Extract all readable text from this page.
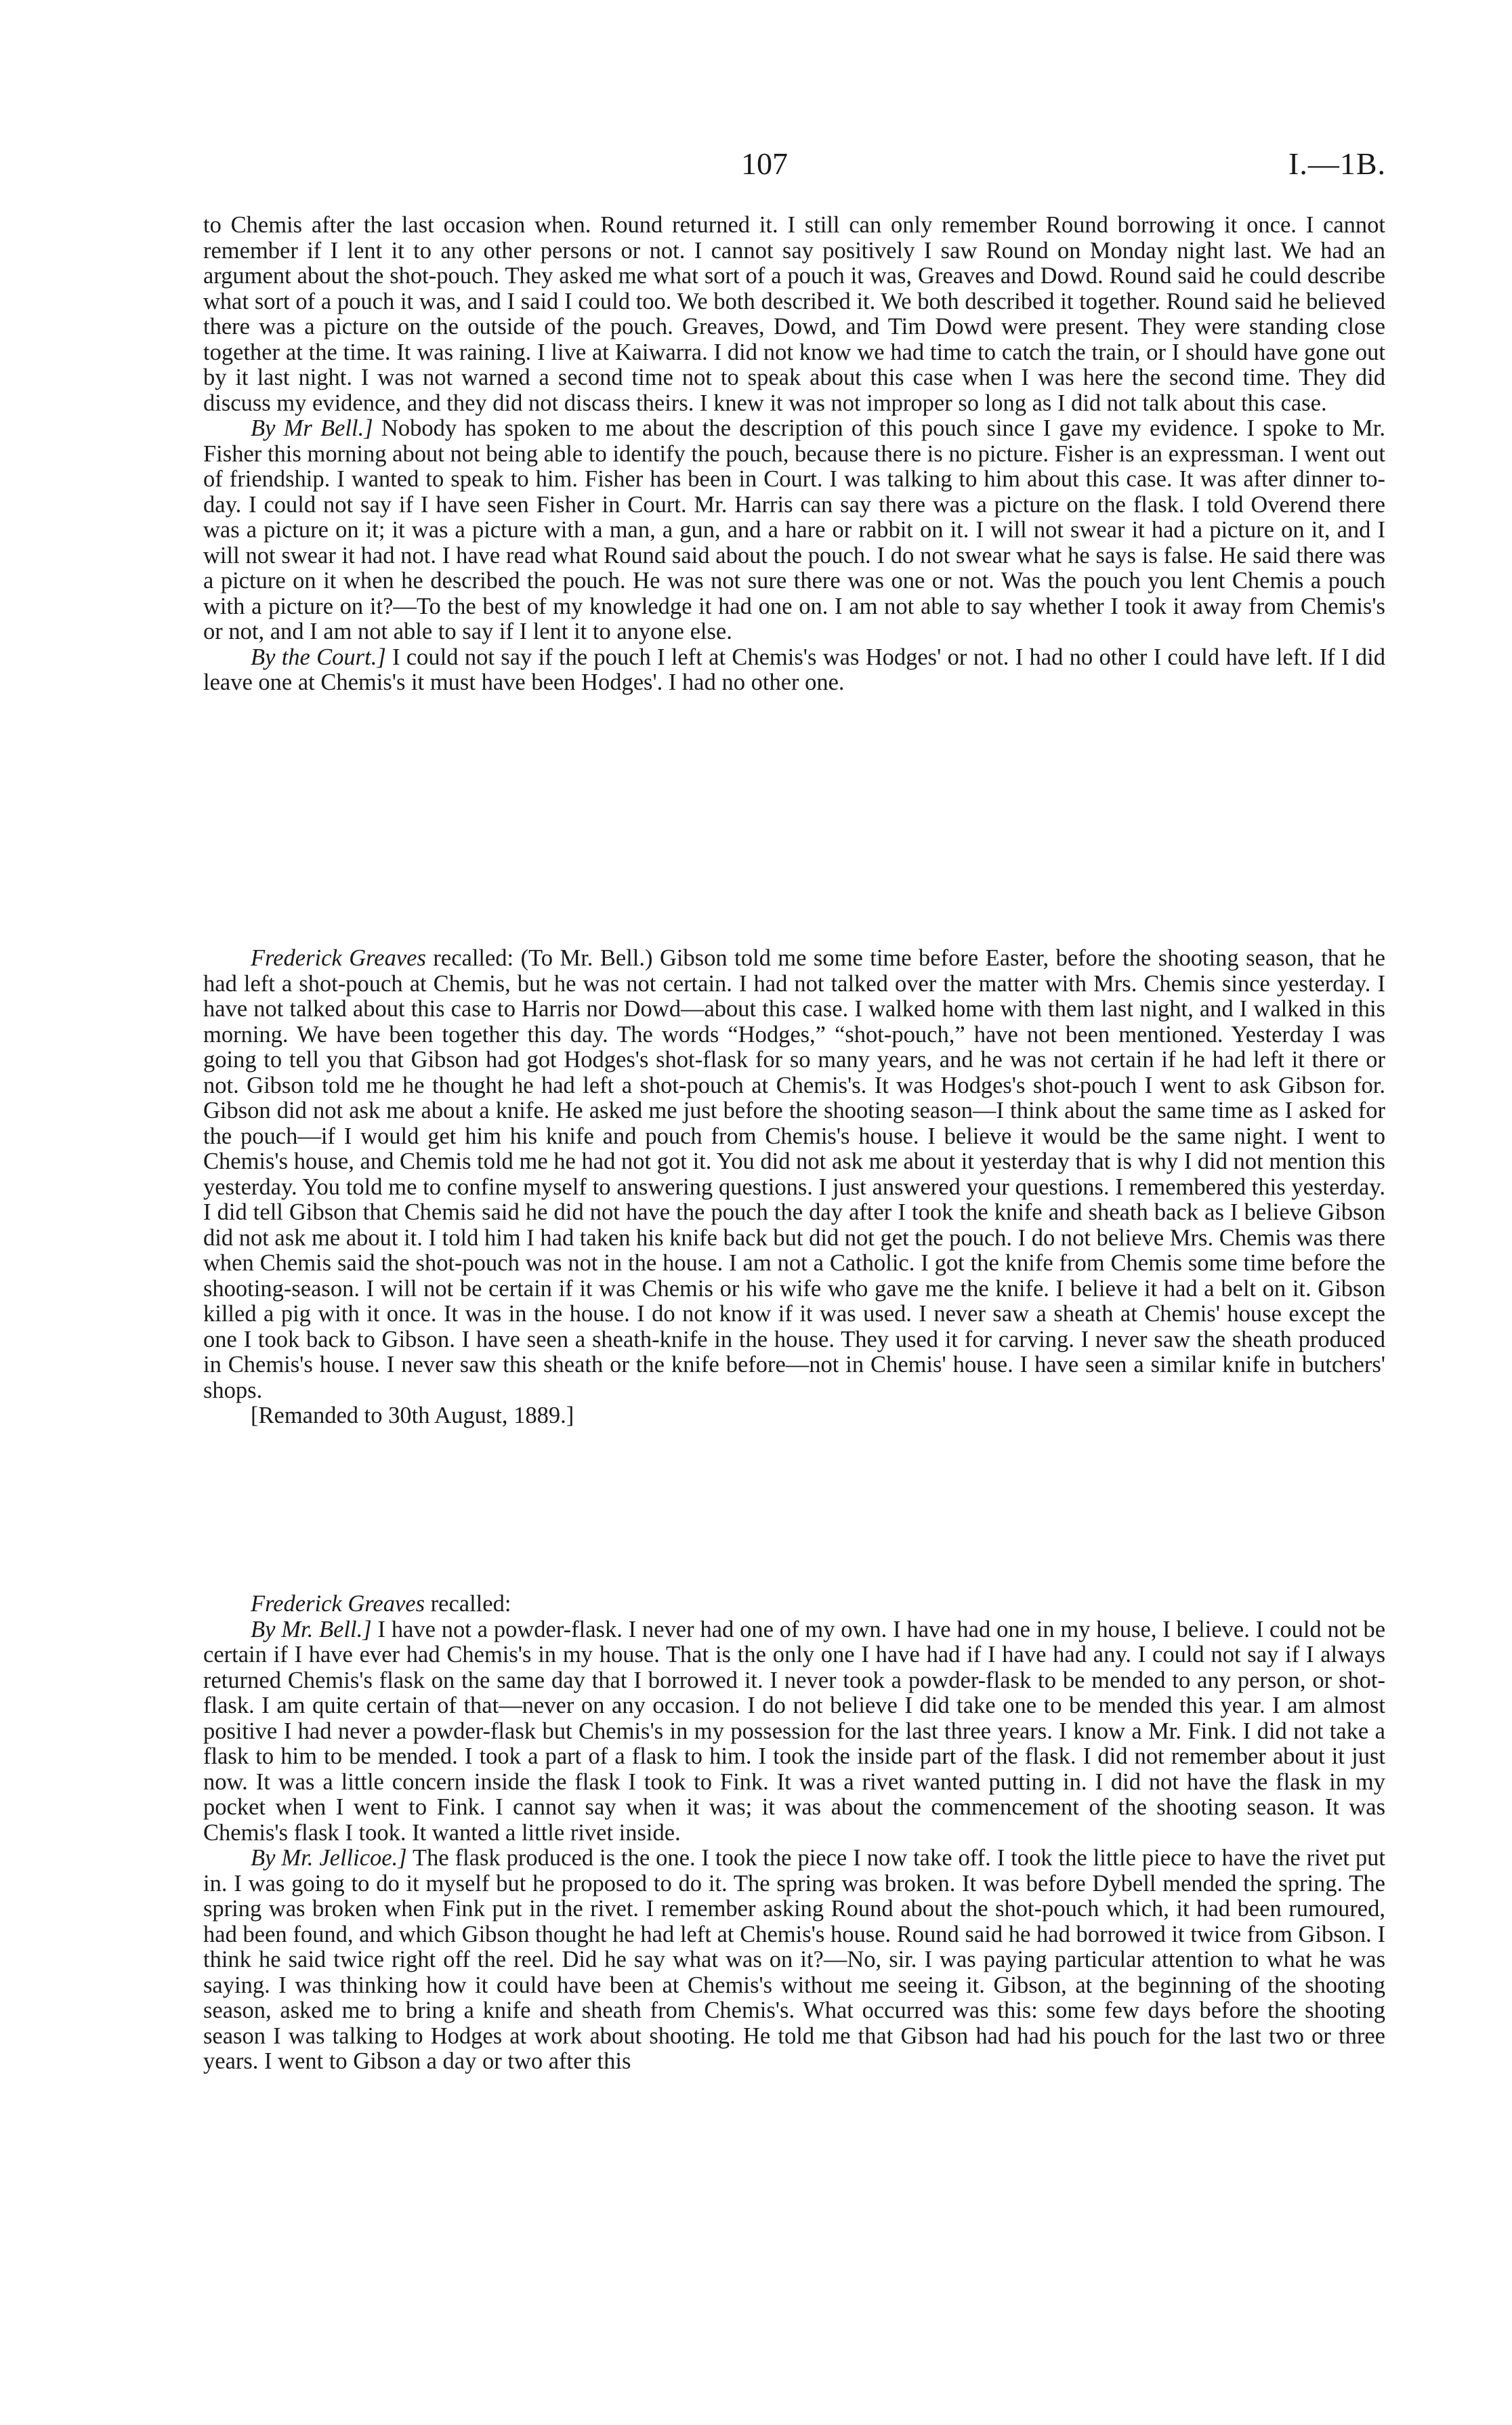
107	I.—1B.

to Chemis after the last occasion when. Round returned it. I still can only remember Round borrowing it once. I cannot remember if I lent it to any other persons or not. I cannot say positively I saw Round on Monday night last. We had an argument about the shot-pouch. They asked me what sort of a pouch it was, Greaves and Dowd. Round said he could describe what sort of a pouch it was, and I said I could too. We both described it. We both described it together. Round said he believed there was a picture on the outside of the pouch. Greaves, Dowd, and Tim Dowd were present. They were standing close together at the time. It was raining. I live at Kaiwarra. I did not know we had time to catch the train, or I should have gone out by it last night. I was not warned a second time not to speak about this case when I was here the second time. They did discuss my evidence, and they did not discass theirs. I knew it was not improper so long as I did not talk about this case.

By Mr Bell.] Nobody has spoken to me about the description of this pouch since I gave my evidence. I spoke to Mr. Fisher this morning about not being able to identify the pouch, because there is no picture. Fisher is an expressman. I went out of friendship. I wanted to speak to him. Fisher has been in Court. I was talking to him about this case. It was after dinner to-day. I could not say if I have seen Fisher in Court. Mr. Harris can say there was a picture on the flask. I told Overend there was a picture on it; it was a picture with a man, a gun, and a hare or rabbit on it. I will not swear it had a picture on it, and I will not swear it had not. I have read what Round said about the pouch. I do not swear what he says is false. He said there was a picture on it when he described the pouch. He was not sure there was one or not. Was the pouch you lent Chemis a pouch with a picture on it?—To the best of my knowledge it had one on. I am not able to say whether I took it away from Chemis's or not, and I am not able to say if I lent it to anyone else.

By the Court.] I could not say if the pouch I left at Chemis's was Hodges' or not. I had no other I could have left. If I did leave one at Chemis's it must have been Hodges'. I had no other one.

Frederick Greaves recalled: (To Mr. Bell.) Gibson told me some time before Easter, before the shooting season, that he had left a shot-pouch at Chemis, but he was not certain. I had not talked over the matter with Mrs. Chemis since yesterday. I have not talked about this case to Harris nor Dowd—about this case. I walked home with them last night, and I walked in this morning. We have been together this day. The words “Hodges,” “shot-pouch,” have not been mentioned. Yesterday I was going to tell you that Gibson had got Hodges's shot-flask for so many years, and he was not certain if he had left it there or not. Gibson told me he thought he had left a shot-pouch at Chemis's. It was Hodges's shot-pouch I went to ask Gibson for. Gibson did not ask me about a knife. He asked me just before the shooting season—I think about the same time as I asked for the pouch—if I would get him his knife and pouch from Chemis's house. I believe it would be the same night. I went to Chemis's house, and Chemis told me he had not got it. You did not ask me about it yesterday that is why I did not mention this yesterday. You told me to confine myself to answering questions. I just answered your questions. I remembered this yesterday. I did tell Gibson that Chemis said he did not have the pouch the day after I took the knife and sheath back as I believe Gibson did not ask me about it. I told him I had taken his knife back but did not get the pouch. I do not believe Mrs. Chemis was there when Chemis said the shot-pouch was not in the house. I am not a Catholic. I got the knife from Chemis some time before the shooting-season. I will not be certain if it was Chemis or his wife who gave me the knife. I believe it had a belt on it. Gibson killed a pig with it once. It was in the house. I do not know if it was used. I never saw a sheath at Chemis' house except the one I took back to Gibson. I have seen a sheath-knife in the house. They used it for carving. I never saw the sheath produced in Chemis's house. I never saw this sheath or the knife before—not in Chemis' house. I have seen a similar knife in butchers' shops.

[Remanded to 30th August, 1889.]

Frederick Greaves recalled:

By Mr. Bell.] I have not a powder-flask. I never had one of my own. I have had one in my house, I believe. I could not be certain if I have ever had Chemis's in my house. That is the only one I have had if I have had any. I could not say if I always returned Chemis's flask on the same day that I borrowed it. I never took a powder-flask to be mended to any person, or shot-flask. I am quite certain of that—never on any occasion. I do not believe I did take one to be mended this year. I am almost positive I had never a powder-flask but Chemis's in my possession for the last three years. I know a Mr. Fink. I did not take a flask to him to be mended. I took a part of a flask to him. I took the inside part of the flask. I did not remember about it just now. It was a little concern inside the flask I took to Fink. It was a rivet wanted putting in. I did not have the flask in my pocket when I went to Fink. I cannot say when it was; it was about the commencement of the shooting season. It was Chemis's flask I took. It wanted a little rivet inside.

By Mr. Jellicoe.] The flask produced is the one. I took the piece I now take off. I took the little piece to have the rivet put in. I was going to do it myself but he proposed to do it. The spring was broken. It was before Dybell mended the spring. The spring was broken when Fink put in the rivet. I remember asking Round about the shot-pouch which, it had been rumoured, had been found, and which Gibson thought he had left at Chemis's house. Round said he had borrowed it twice from Gibson. I think he said twice right off the reel. Did he say what was on it?—No, sir. I was paying particular attention to what he was saying. I was thinking how it could have been at Chemis's without me seeing it. Gibson, at the beginning of the shooting season, asked me to bring a knife and sheath from Chemis's. What occurred was this: some few days before the shooting season I was talking to Hodges at work about shooting. He told me that Gibson had had his pouch for the last two or three years. I went to Gibson a day or two after this
